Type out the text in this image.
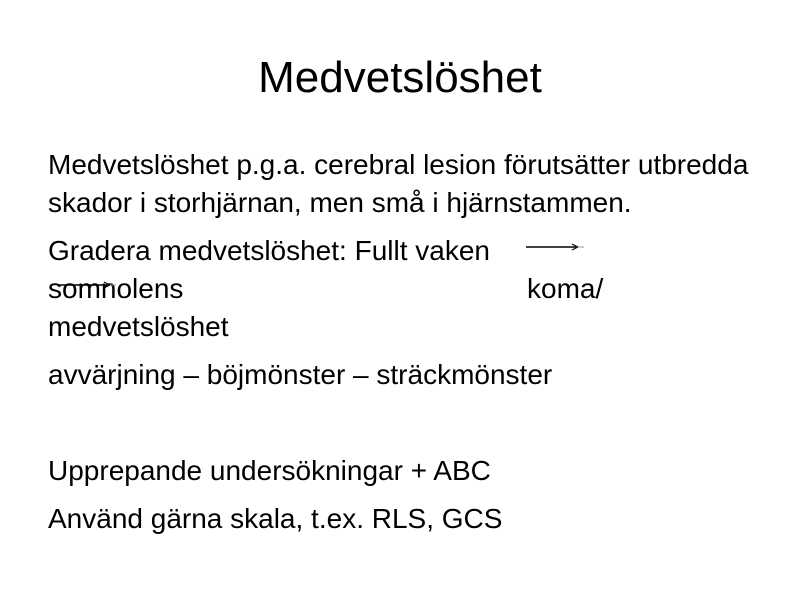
Medvetslöshet

Medvetslöshet p.g.a. cerebral lesion förutsätter utbredda skador i storhjärnan, men små i hjärnstammen.

Gradera medvetslöshet: Fullt vaken
somnolens	koma/
medvetslöshet

avvärjning – böjmönster – sträckmönster

Upprepande undersökningar + ABC

Använd gärna skala, t.ex. RLS, GCS
